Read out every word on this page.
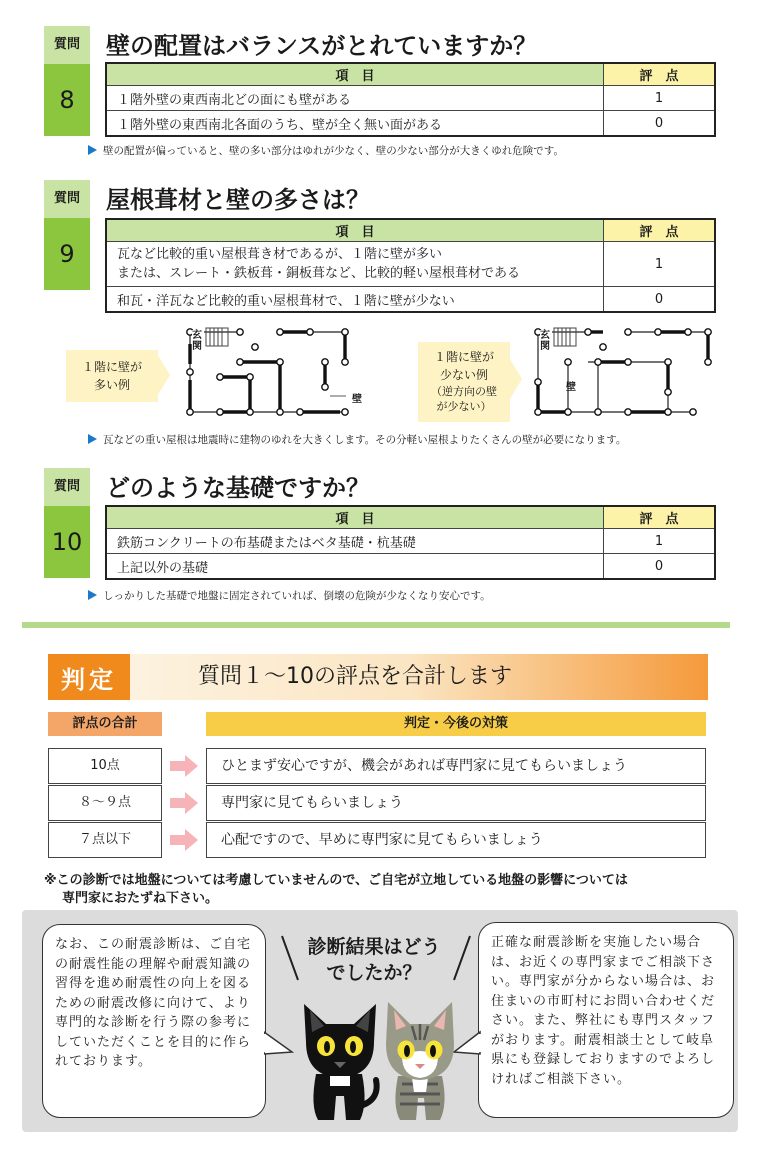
質問
8
壁の配置はバランスがとれていますか？
項　目	評　点
１階外壁の東西南北どの面にも壁がある	1
１階外壁の東西南北各面のうち、壁が全く無い面がある	0
壁の配置が偏っていると、壁の多い部分はゆれが少なく、壁の少ない部分が大きくゆれ危険です。
質問
9
屋根葺材と壁の多さは？
項　目	評　点

瓦など比較的重い屋根葺き材であるが、１階に壁が多い
または、スレート・鉄板葺・銅板葺など、比較的軽い屋根葺材である	1
和瓦・洋瓦など比較的重い屋根葺材で、１階に壁が少ない	0
１階に壁が
多い例
１階に壁が
少ない例
（逆方向の壁
が少ない）
玄関
壁
玄関
壁
瓦などの重い屋根は地震時に建物のゆれを大きくします。その分軽い屋根よりたくさんの壁が必要になります。
質問
10
どのような基礎ですか？
項　目	評　点
鉄筋コンクリートの布基礎またはベタ基礎・杭基礎	1
上記以外の基礎	0
しっかりした基礎で地盤に固定されていれば、倒壊の危険が少なくなり安心です。
判定	質問１～10の評点を合計します
評点の合計	判定・今後の対策
10点	ひとまず安心ですが、機会があれば専門家に見てもらいましょう
８～９点	専門家に見てもらいましょう
７点以下	心配ですので、早めに専門家に見てもらいましょう
※この診断では地盤については考慮していませんので、ご自宅が立地している地盤の影響については
専門家におたずね下さい。
なお、この耐震診断は、ご自宅の耐震性能の理解や耐震知識の習得を進め耐震性の向上を図るための耐震改修に向けて、より専門的な診断を行う際の参考にしていただくことを目的に作られております。
正確な耐震診断を実施したい場合は、お近くの専門家までご相談下さい。専門家が分からない場合は、お住まいの市町村にお問い合わせください。また、弊社にも専門スタッフがおります。耐震相談士として岐阜県にも登録しておりますのでよろしければご相談下さい。
診断結果はどう
でしたか？
